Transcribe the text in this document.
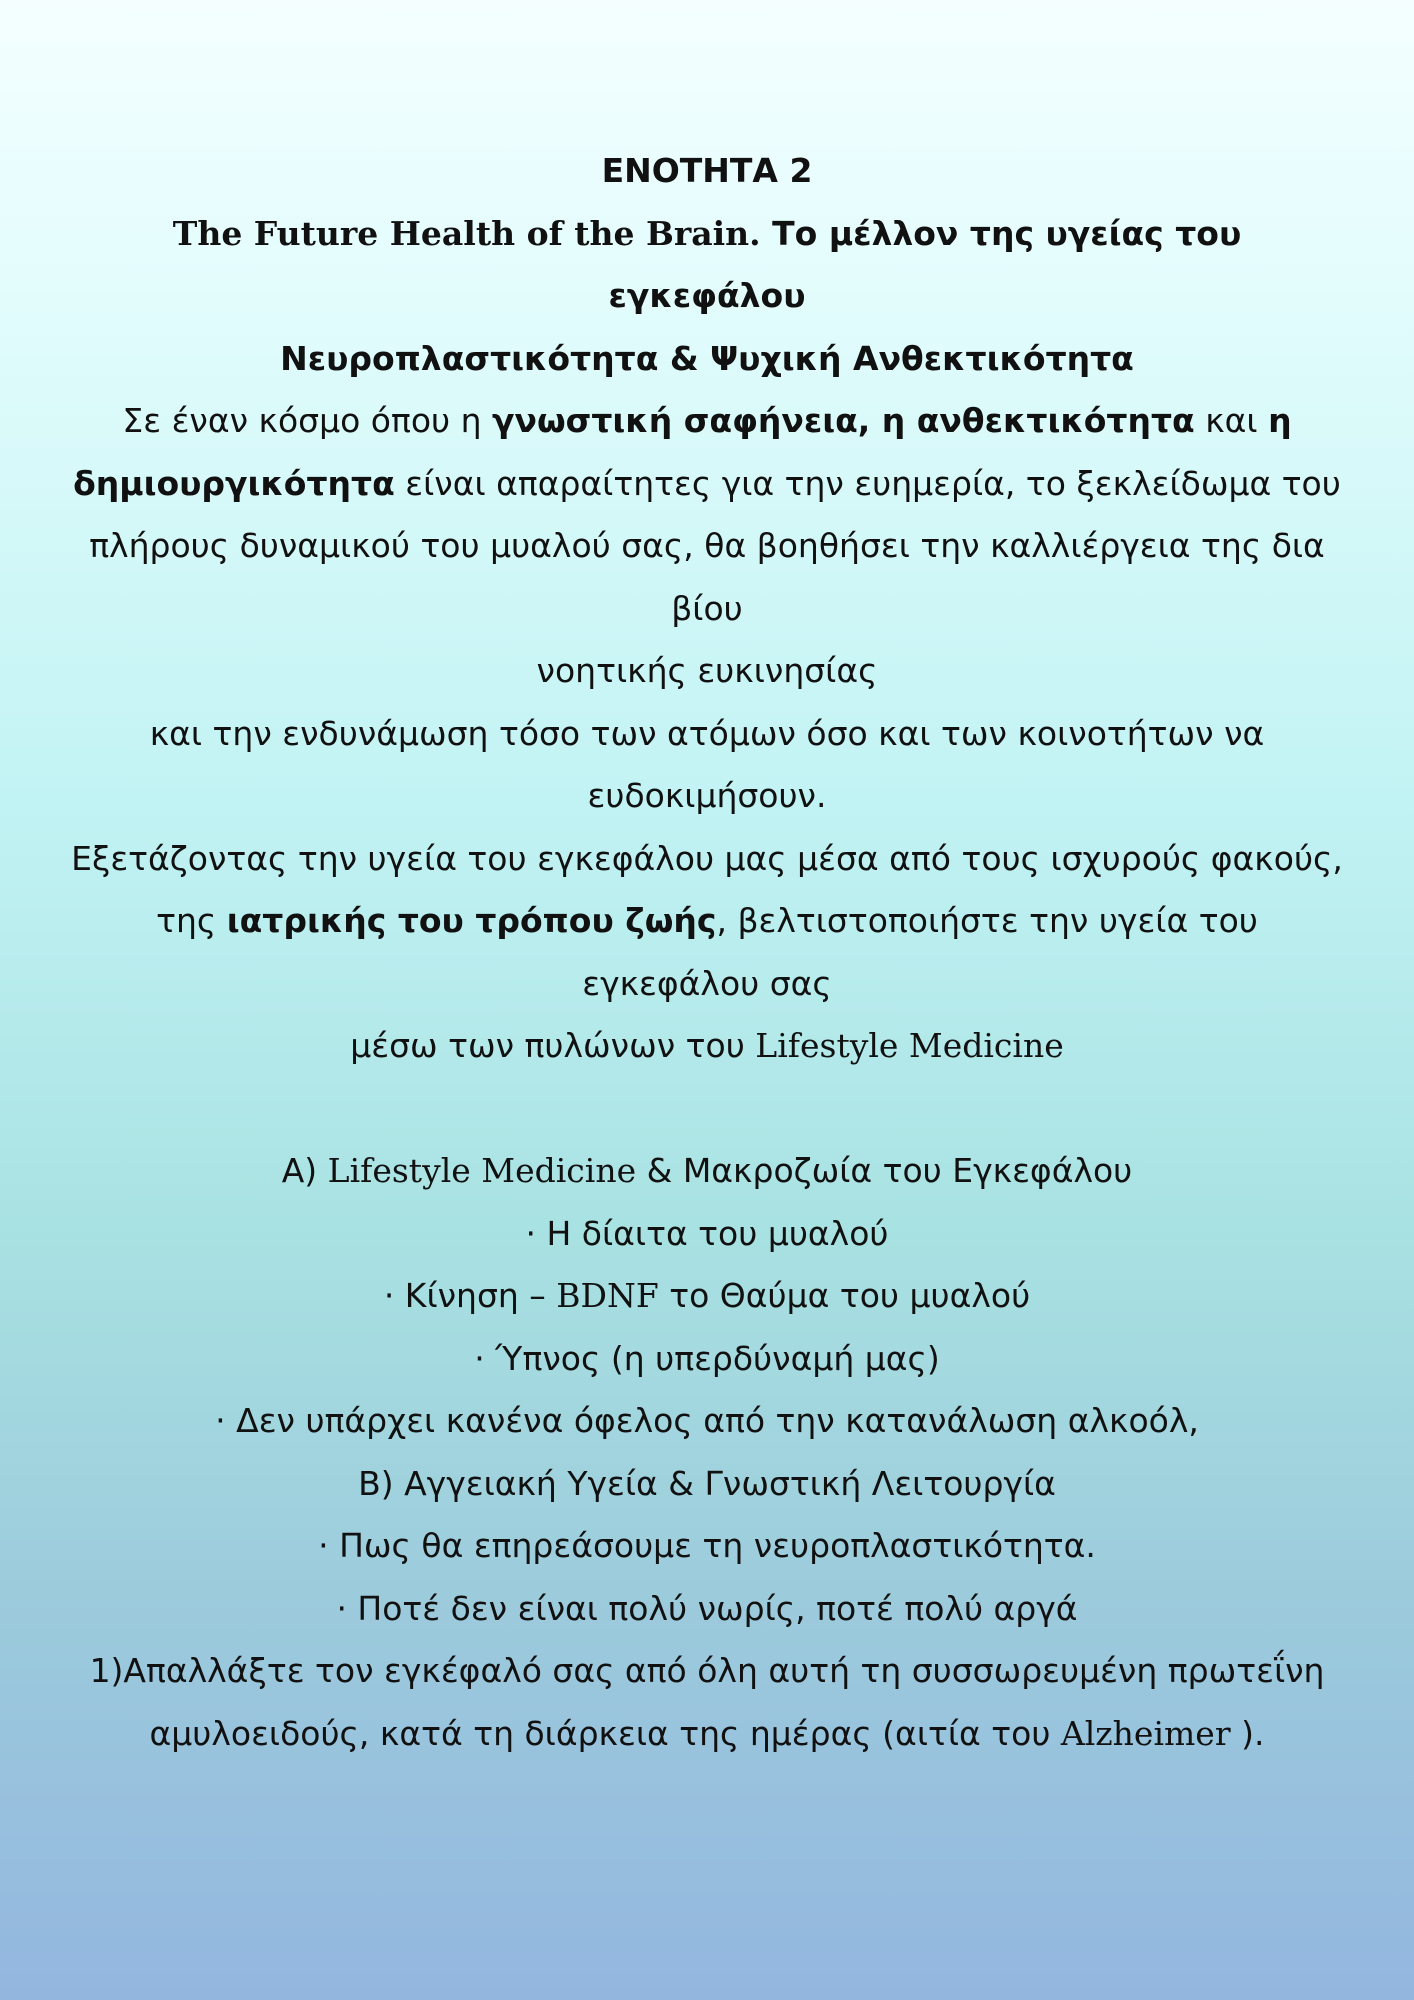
ΕΝΟΤΗΤΑ 2

The Future Health of the Brain. Το μέλλον της υγείας του εγκεφάλου

Νευροπλαστικότητα & Ψυχική Ανθεκτικότητα

Σε έναν κόσμο όπου η γνωστική σαφήνεια, η ανθεκτικότητα και η

δημιουργικότητα είναι απαραίτητες για την ευημερία, το ξεκλείδωμα του

πλήρους δυναμικού του μυαλού σας, θα βοηθήσει την καλλιέργεια της δια βίου

νοητικής ευκινησίας

και την ενδυνάμωση τόσο των ατόμων όσο και των κοινοτήτων να

ευδοκιμήσουν.

Εξετάζοντας την υγεία του εγκεφάλου μας μέσα από τους ισχυρούς φακούς,

της ιατρικής του τρόπου ζωής, βελτιστοποιήστε την υγεία του εγκεφάλου σας

μέσω των πυλώνων του Lifestyle Medicine

Α) Lifestyle Medicine & Μακροζωία του Εγκεφάλου

· Η δίαιτα του μυαλού

· Κίνηση – BDNF το Θαύμα του μυαλού

· Ύπνος (η υπερδύναμή μας)

· Δεν υπάρχει κανένα όφελος από την κατανάλωση αλκοόλ,

Β) Αγγειακή Υγεία & Γνωστική Λειτουργία

· Πως θα επηρεάσουμε τη νευροπλαστικότητα.

· Ποτέ δεν είναι πολύ νωρίς, ποτέ πολύ αργά

1)Απαλλάξτε τον εγκέφαλό σας από όλη αυτή τη συσσωρευμένη πρωτεΐνη

αμυλοειδούς, κατά τη διάρκεια της ημέρας (αιτία του Alzheimer ).
